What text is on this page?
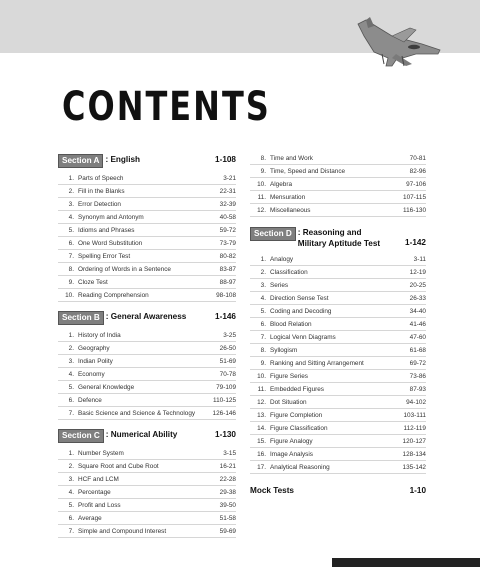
CONTENTS
Section A : English	1-108
1. Parts of Speech	3-21
2. Fill in the Blanks	22-31
3. Error Detection	32-39
4. Synonym and Antonym	40-58
5. Idioms and Phrases	59-72
6. One Word Substitution	73-79
7. Spelling Error Test	80-82
8. Ordering of Words in a Sentence	83-87
9. Cloze Test	88-97
10. Reading Comprehension	98-108
Section B : General Awareness	1-146
1. History of India	3-25
2. Geography	26-50
3. Indian Polity	51-69
4. Economy	70-78
5. General Knowledge	79-109
6. Defence	110-125
7. Basic Science and Science & Technology	126-146
Section C : Numerical Ability	1-130
1. Number System	3-15
2. Square Root and Cube Root	16-21
3. HCF and LCM	22-28
4. Percentage	29-38
5. Profit and Loss	39-50
6. Average	51-58
7. Simple and Compound Interest	59-69
8. Time and Work	70-81
9. Time, Speed and Distance	82-96
10. Algebra	97-106
11. Mensuration	107-115
12. Miscellaneous	116-130
Section D : Reasoning and
Military Aptitude Test	1-142
1. Analogy	3-11
2. Classification	12-19
3. Series	20-25
4. Direction Sense Test	26-33
5. Coding and Decoding	34-40
6. Blood Relation	41-46
7. Logical Venn Diagrams	47-60
8. Syllogism	61-68
9. Ranking and Sitting Arrangement	69-72
10. Figure Series	73-86
11. Embedded Figures	87-93
12. Dot Situation	94-102
13. Figure Completion	103-111
14. Figure Classification	112-119
15. Figure Analogy	120-127
16. Image Analysis	128-134
17. Analytical Reasoning	135-142
Mock Tests	1-10
